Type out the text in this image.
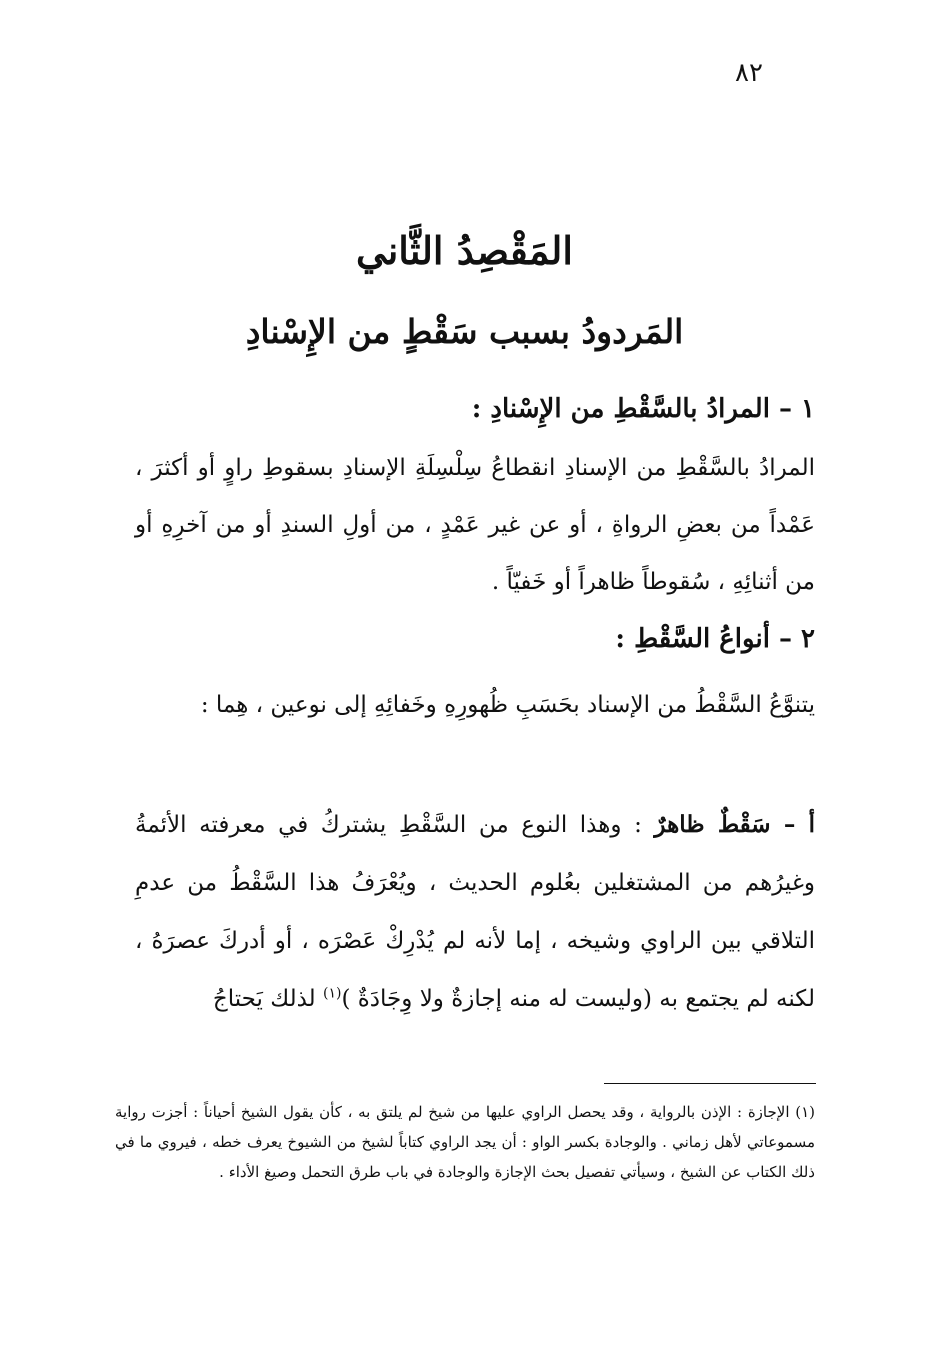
٨٢
المَقْصِدُ الثَّاني
المَردودُ بسبب سَقْطٍ من الإِسْنادِ
١ – المرادُ بالسَّقْطِ من الإِسْنادِ :
المرادُ بالسَّقْطِ من الإسنادِ انقطاعُ سِلْسِلَةِ الإسنادِ بسقوطِ راوٍ أو أكثرَ ، عَمْداً من بعضِ الرواةِ ، أو عن غير عَمْدٍ ، من أولِ السندِ أو من آخرِهِ أو من أثنائِهِ ، سُقوطاً ظاهراً أو خَفيّاً .
٢ – أنواعُ السَّقْطِ :
يتنوَّعُ السَّقْطُ من الإسناد بحَسَبِ ظُهورِهِ وخَفائِهِ إلى نوعين ، هِما :
أ – سَقْطٌ ظاهرٌ : وهذا النوع من السَّقْطِ يشتركُ في معرفته الأئمةُ وغيرُهم من المشتغلين بعُلوم الحديث ، ويُعْرَفُ هذا السَّقْطُ من عدمِ التلاقي بين الراوي وشيخه ، إما لأنه لم يُدْرِكْ عَصْرَه ، أو أدركَ عصرَهُ ، لكنه لم يجتمع به (وليست له منه إجازةٌ ولا وِجَادَةٌ )$^{(١)}$ لذلك يَحتاجُ
(١) الإجازة : الإذن بالرواية ، وقد يحصل الراوي عليها من شيخ لم يلتق به ، كأن يقول الشيخ أحياناً : أجزت رواية مسموعاتي لأهل زماني . والوجادة بكسر الواو : أن يجد الراوي كتاباً لشيخ من الشيوخ يعرف خطه ، فيروي ما في ذلك الكتاب عن الشيخ ، وسيأتي تفصيل بحث الإجازة والوجادة في باب طرق التحمل وصيغ الأداء .
